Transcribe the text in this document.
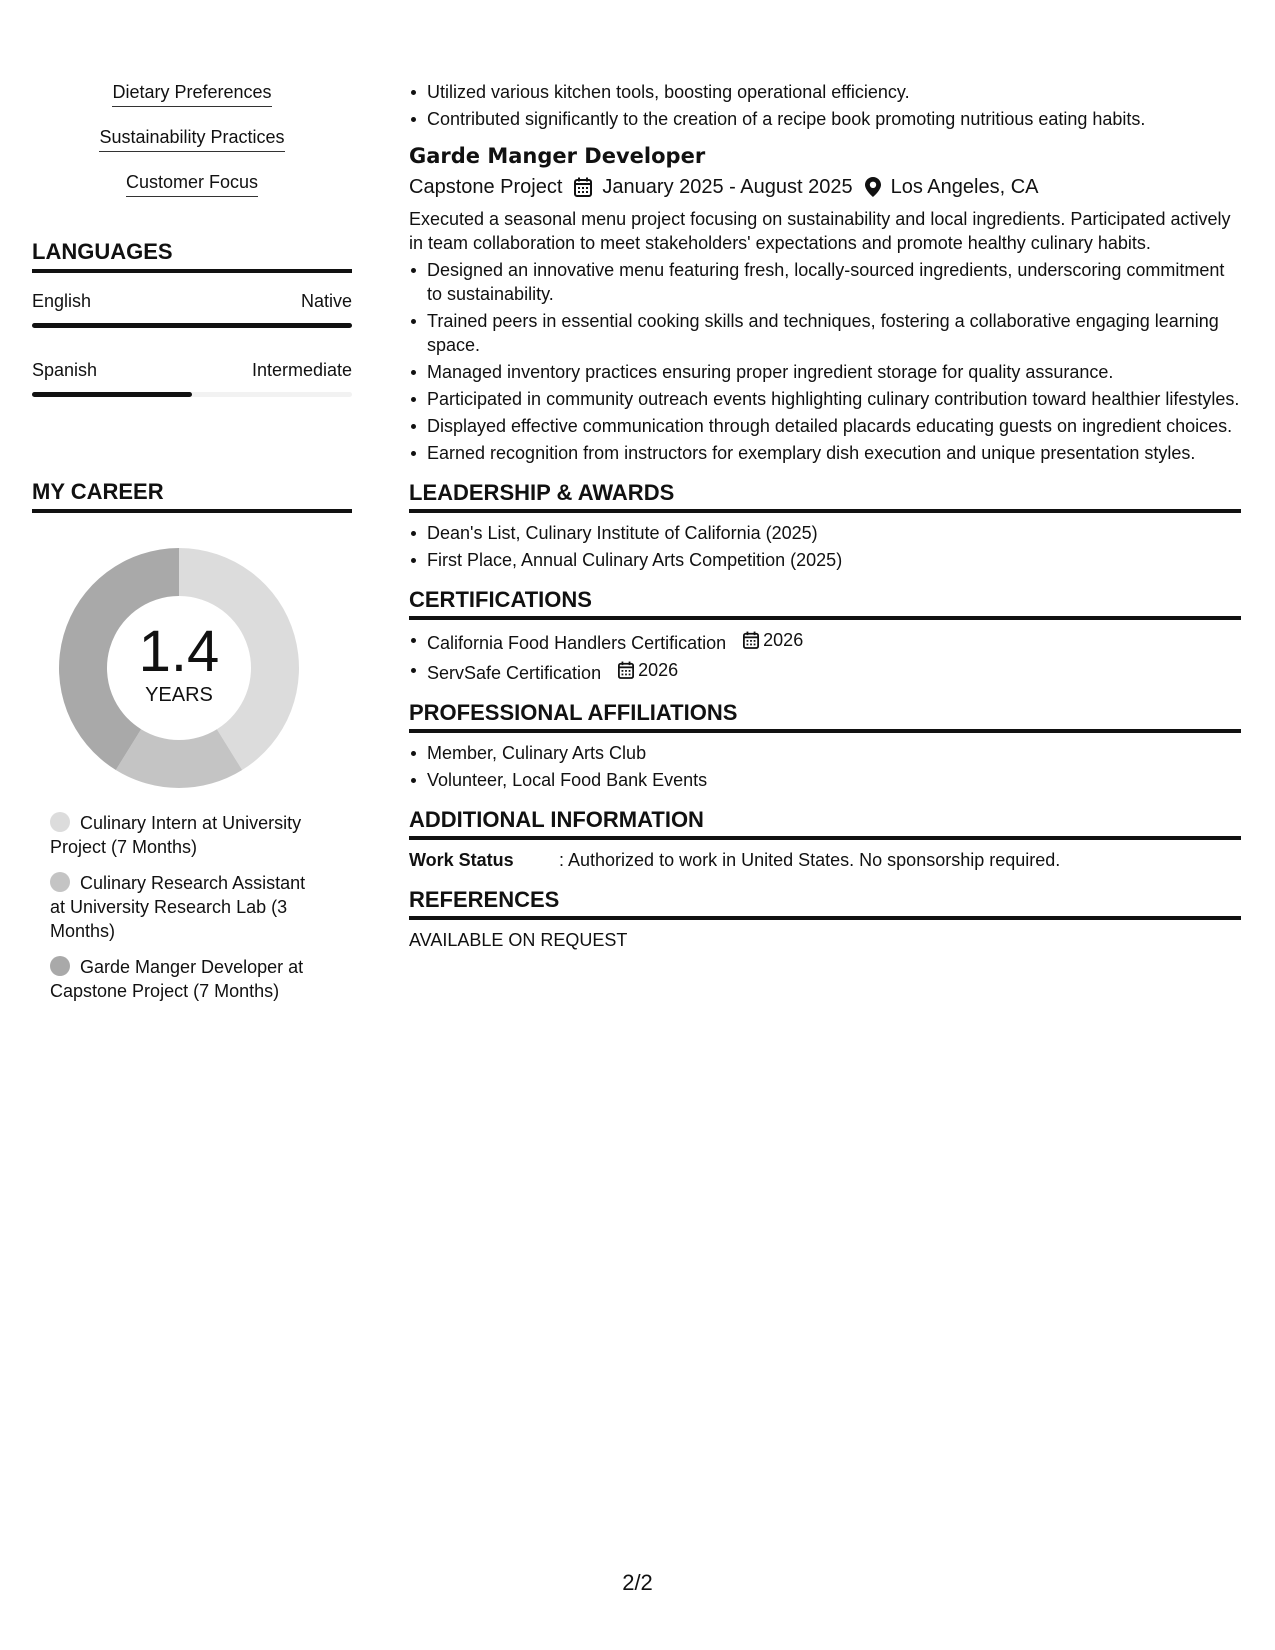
Dietary Preferences
Sustainability Practices
Customer Focus
LANGUAGES
English	Native
Spanish	Intermediate
MY CAREER
1.4
YEARS
Culinary Intern at University Project (7 Months)
Culinary Research Assistant at University Research Lab (3 Months)
Garde Manger Developer at Capstone Project (7 Months)
Utilized various kitchen tools, boosting operational efficiency.
Contributed significantly to the creation of a recipe book promoting nutritious eating habits.
Garde Manger Developer
Capstone Project January 2025 - August 2025 Los Angeles, CA
Executed a seasonal menu project focusing on sustainability and local ingredients. Participated actively in team collaboration to meet stakeholders' expectations and promote healthy culinary habits.
Designed an innovative menu featuring fresh, locally-sourced ingredients, underscoring commitment to sustainability.
Trained peers in essential cooking skills and techniques, fostering a collaborative engaging learning space.
Managed inventory practices ensuring proper ingredient storage for quality assurance.
Participated in community outreach events highlighting culinary contribution toward healthier lifestyles.
Displayed effective communication through detailed placards educating guests on ingredient choices.
Earned recognition from instructors for exemplary dish execution and unique presentation styles.
LEADERSHIP & AWARDS
Dean's List, Culinary Institute of California (2025)
First Place, Annual Culinary Arts Competition (2025)
CERTIFICATIONS
California Food Handlers Certification 2026
ServSafe Certification 2026
PROFESSIONAL AFFILIATIONS
Member, Culinary Arts Club
Volunteer, Local Food Bank Events
ADDITIONAL INFORMATION
Work Status	: Authorized to work in United States. No sponsorship required.
REFERENCES
AVAILABLE ON REQUEST
2/2
